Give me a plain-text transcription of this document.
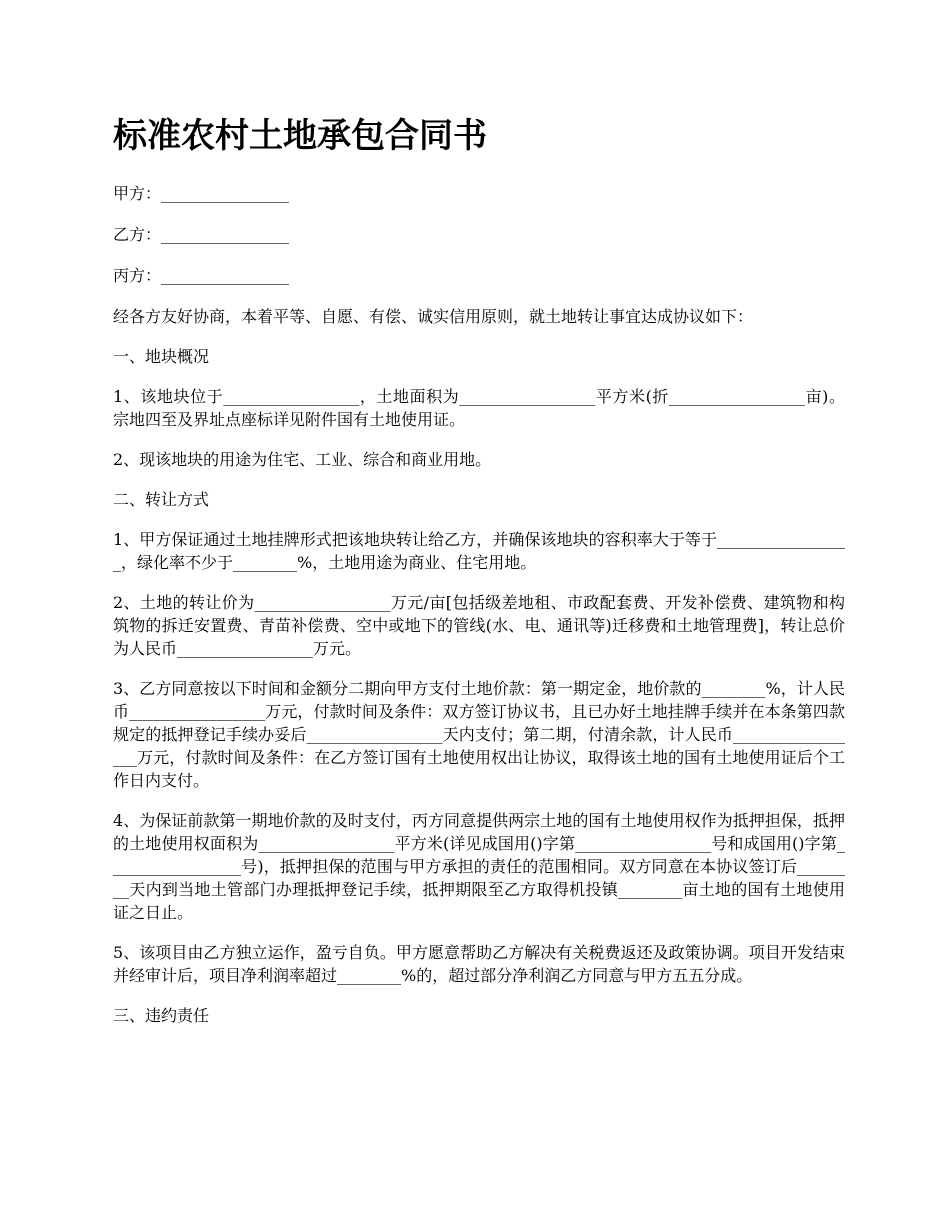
标准农村土地承包合同书

甲方：________________

乙方：________________

丙方：________________

经各方友好协商，本着平等、自愿、有偿、诚实信用原则，就土地转让事宜达成协议如下：

一、地块概况

1、该地块位于_________________，土地面积为_________________平方米(折_________________亩)。宗地四至及界址点座标详见附件国有土地使用证。

2、现该地块的用途为住宅、工业、综合和商业用地。

二、转让方式

1、甲方保证通过土地挂牌形式把该地块转让给乙方，并确保该地块的容积率大于等于_________________，绿化率不少于________%，土地用途为商业、住宅用地。

2、土地的转让价为_________________万元/亩[包括级差地租、市政配套费、开发补偿费、建筑物和构筑物的拆迁安置费、青苗补偿费、空中或地下的管线(水、电、通讯等)迁移费和土地管理费]，转让总价为人民币_________________万元。

3、乙方同意按以下时间和金额分二期向甲方支付土地价款：第一期定金，地价款的________%，计人民币_________________万元，付款时间及条件：双方签订协议书，且已办好土地挂牌手续并在本条第四款规定的抵押登记手续办妥后_________________天内支付；第二期，付清余款，计人民币_________________万元，付款时间及条件：在乙方签订国有土地使用权出让协议，取得该土地的国有土地使用证后个工作日内支付。

4、为保证前款第一期地价款的及时支付，丙方同意提供两宗土地的国有土地使用权作为抵押担保，抵押的土地使用权面积为_________________平方米(详见成国用()字第_________________号和成国用()字第_________________号)，抵押担保的范围与甲方承担的责任的范围相同。双方同意在本协议签订后________天内到当地土管部门办理抵押登记手续，抵押期限至乙方取得机投镇________亩土地的国有土地使用证之日止。

5、该项目由乙方独立运作，盈亏自负。甲方愿意帮助乙方解决有关税费返还及政策协调。项目开发结束并经审计后，项目净利润率超过________%的，超过部分净利润乙方同意与甲方五五分成。

三、违约责任
